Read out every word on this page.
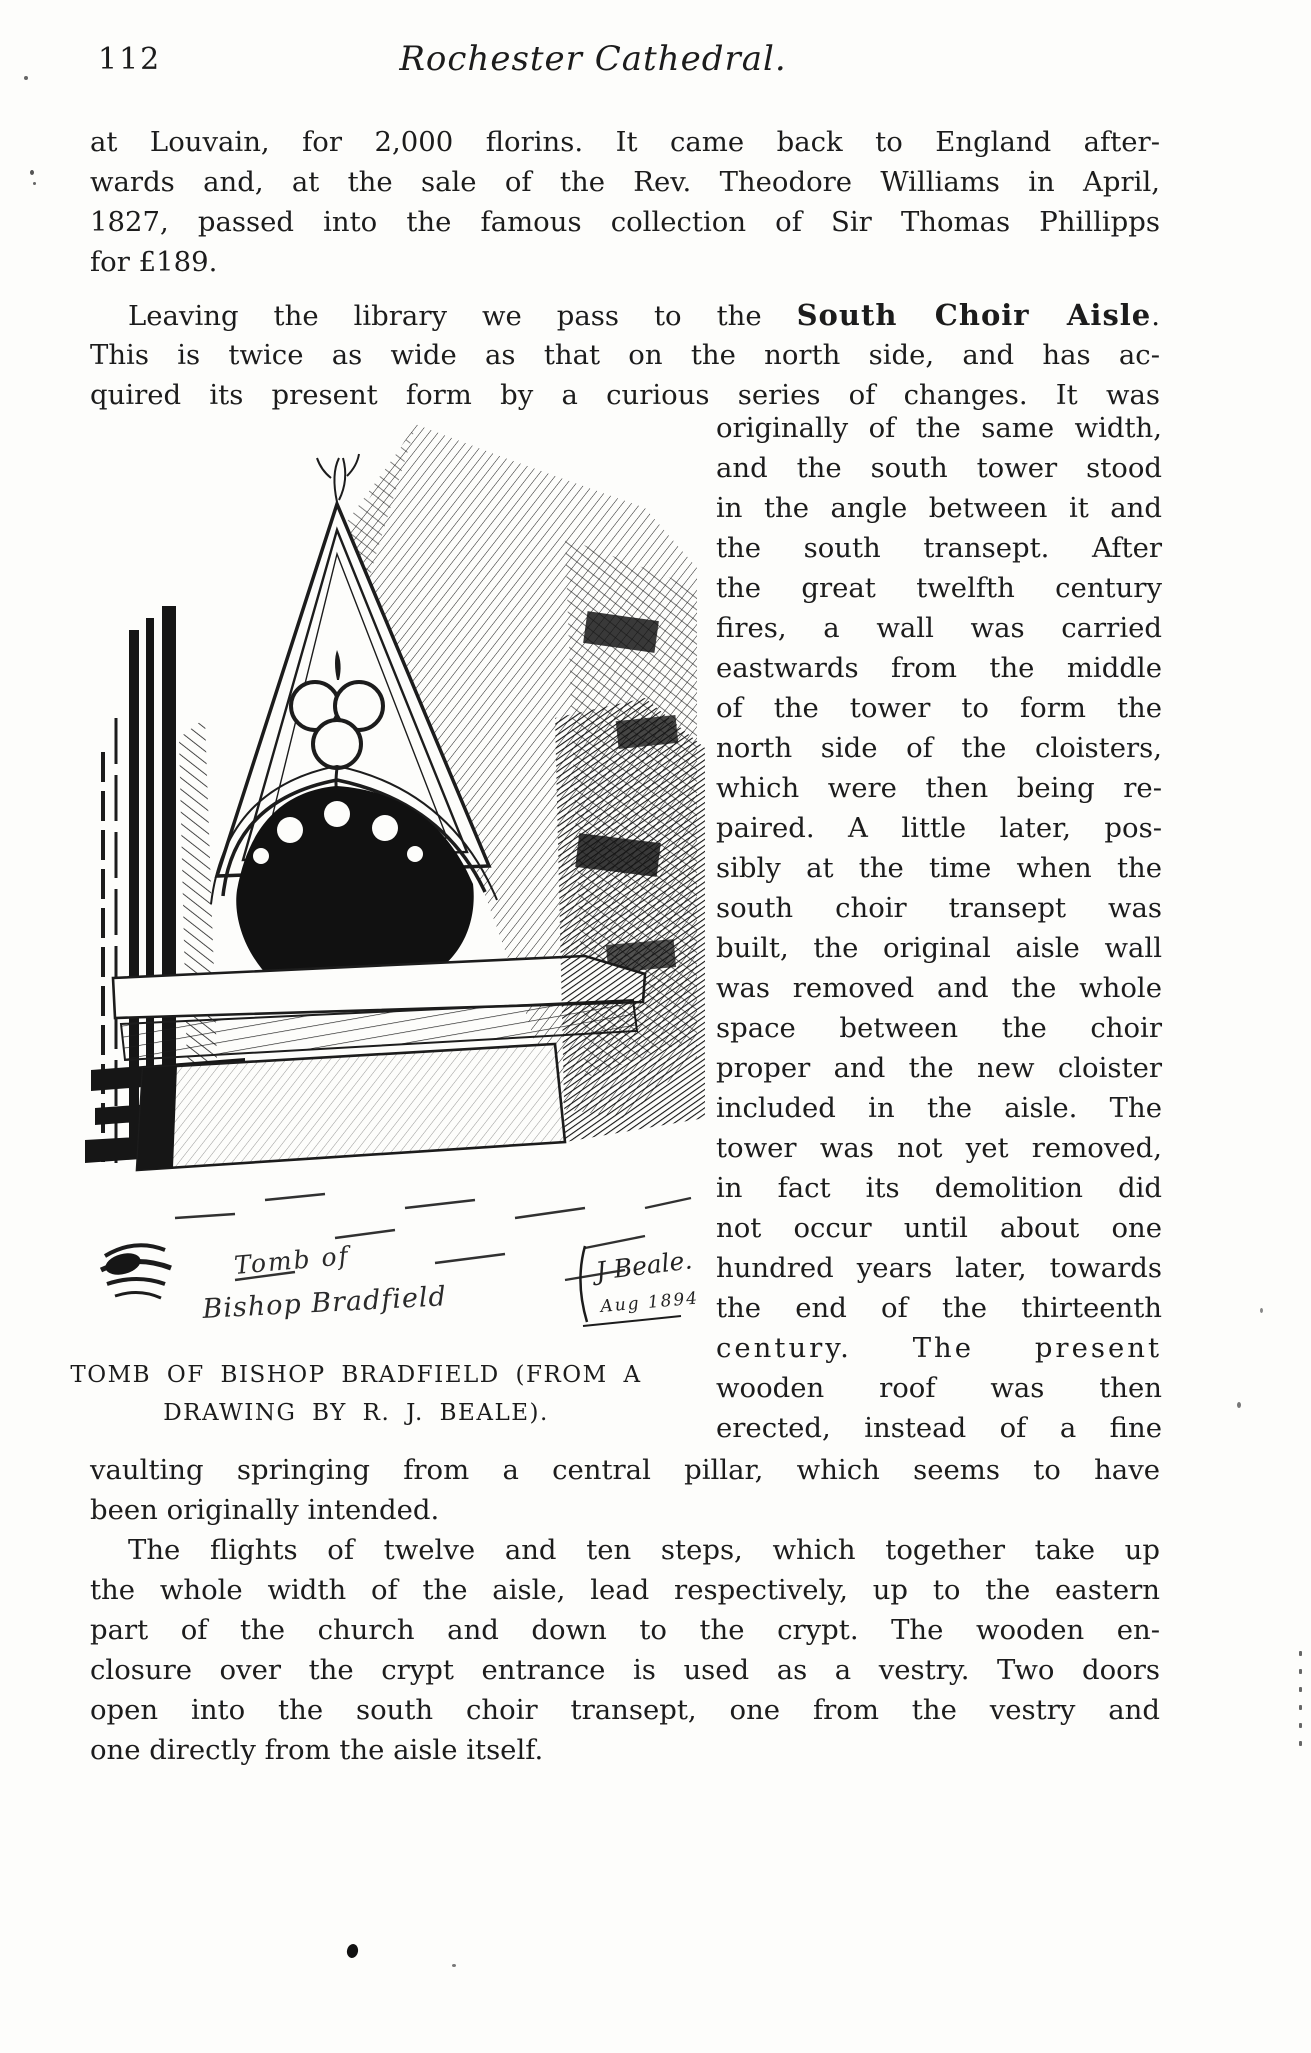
112	Rochester Cathedral.
at Louvain, for 2,000 florins. It came back to England after-
wards and, at the sale of the Rev. Theodore Williams in April,
1827, passed into the famous collection of Sir Thomas Phillipps
for £189.
Leaving the library we pass to the South Choir Aisle.
This is twice as wide as that on the north side, and has ac-
quired its present form by a curious series of changes. It was
Tomb of
Bishop Bradfield
J Beale.
Aug 1894
TOMB OF BISHOP BRADFIELD (FROM A
DRAWING BY R. J. BEALE).
originally of the same width,
and the south tower stood
in the angle between it and
the south transept. After
the great twelfth century
fires, a wall was carried
eastwards from the middle
of the tower to form the
north side of the cloisters,
which were then being re-
paired. A little later, pos-
sibly at the time when the
south choir transept was
built, the original aisle wall
was removed and the whole
space between the choir
proper and the new cloister
included in the aisle. The
tower was not yet removed,
in fact its demolition did
not occur until about one
hundred years later, towards
the end of the thirteenth
century. The present
wooden roof was then
erected, instead of a fine
vaulting springing from a central pillar, which seems to have
been originally intended.
The flights of twelve and ten steps, which together take up
the whole width of the aisle, lead respectively, up to the eastern
part of the church and down to the crypt. The wooden en-
closure over the crypt entrance is used as a vestry. Two doors
open into the south choir transept, one from the vestry and
one directly from the aisle itself.
